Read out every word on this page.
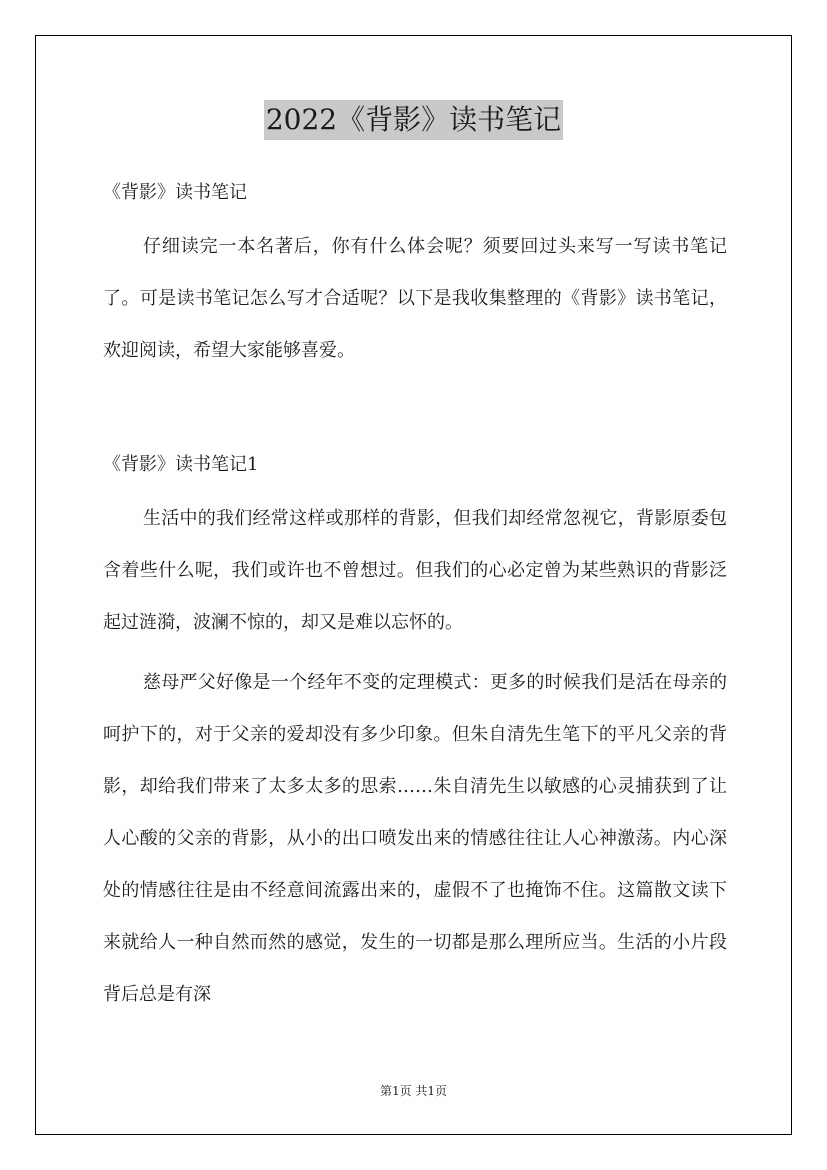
2022《背影》读书笔记
《背影》读书笔记

仔细读完一本名著后，你有什么体会呢？须要回过头来写一写读书笔记了。可是读书笔记怎么写才合适呢？以下是我收集整理的《背影》读书笔记，欢迎阅读，希望大家能够喜爱。

《背影》读书笔记1

生活中的我们经常这样或那样的背影，但我们却经常忽视它，背影原委包含着些什么呢，我们或许也不曾想过。但我们的心必定曾为某些熟识的背影泛起过涟漪，波澜不惊的，却又是难以忘怀的。

慈母严父好像是一个经年不变的定理模式：更多的时候我们是活在母亲的呵护下的，对于父亲的爱却没有多少印象。但朱自清先生笔下的平凡父亲的背影，却给我们带来了太多太多的思索……朱自清先生以敏感的心灵捕获到了让人心酸的父亲的背影，从小的出口喷发出来的情感往往让人心神激荡。内心深处的情感往往是由不经意间流露出来的，虚假不了也掩饰不住。这篇散文读下来就给人一种自然而然的感觉，发生的一切都是那么理所应当。生活的小片段背后总是有深

第1页 共1页
